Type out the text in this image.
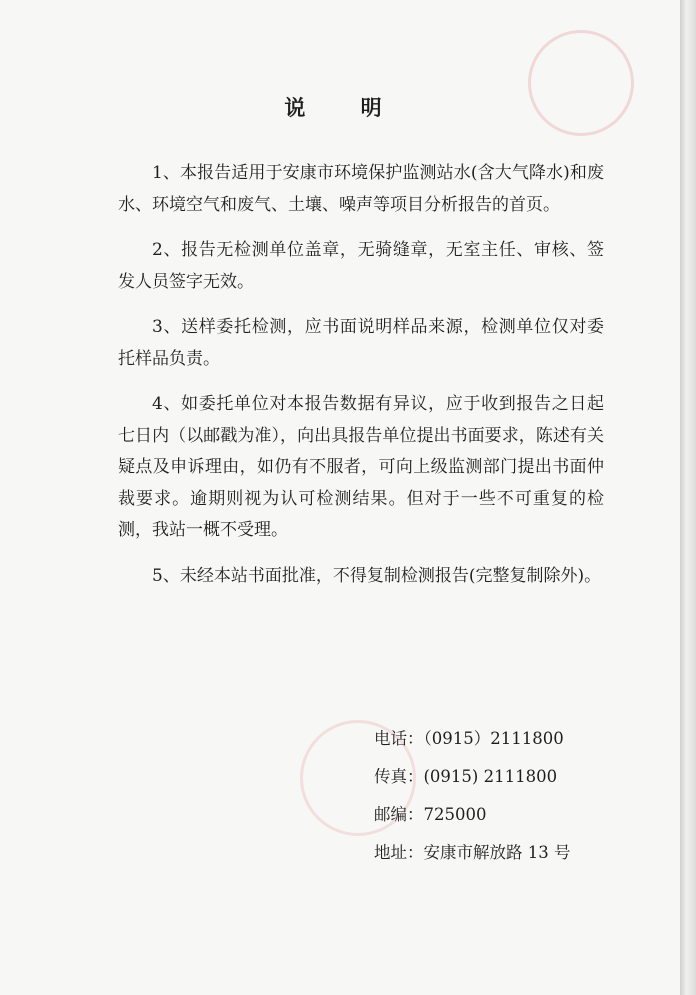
说 明

1、本报告适用于安康市环境保护监测站水(含大气降水)和废水、环境空气和废气、土壤、噪声等项目分析报告的首页。

2、报告无检测单位盖章，无骑缝章，无室主任、审核、签发人员签字无效。

3、送样委托检测，应书面说明样品来源，检测单位仅对委托样品负责。

4、如委托单位对本报告数据有异议，应于收到报告之日起七日内（以邮戳为准），向出具报告单位提出书面要求，陈述有关疑点及申诉理由，如仍有不服者，可向上级监测部门提出书面仲裁要求。逾期则视为认可检测结果。但对于一些不可重复的检测，我站一概不受理。

5、未经本站书面批准，不得复制检测报告(完整复制除外)。

电话：（0915）2111800
传真：(0915) 2111800
邮编：725000
地址：安康市解放路 13 号
